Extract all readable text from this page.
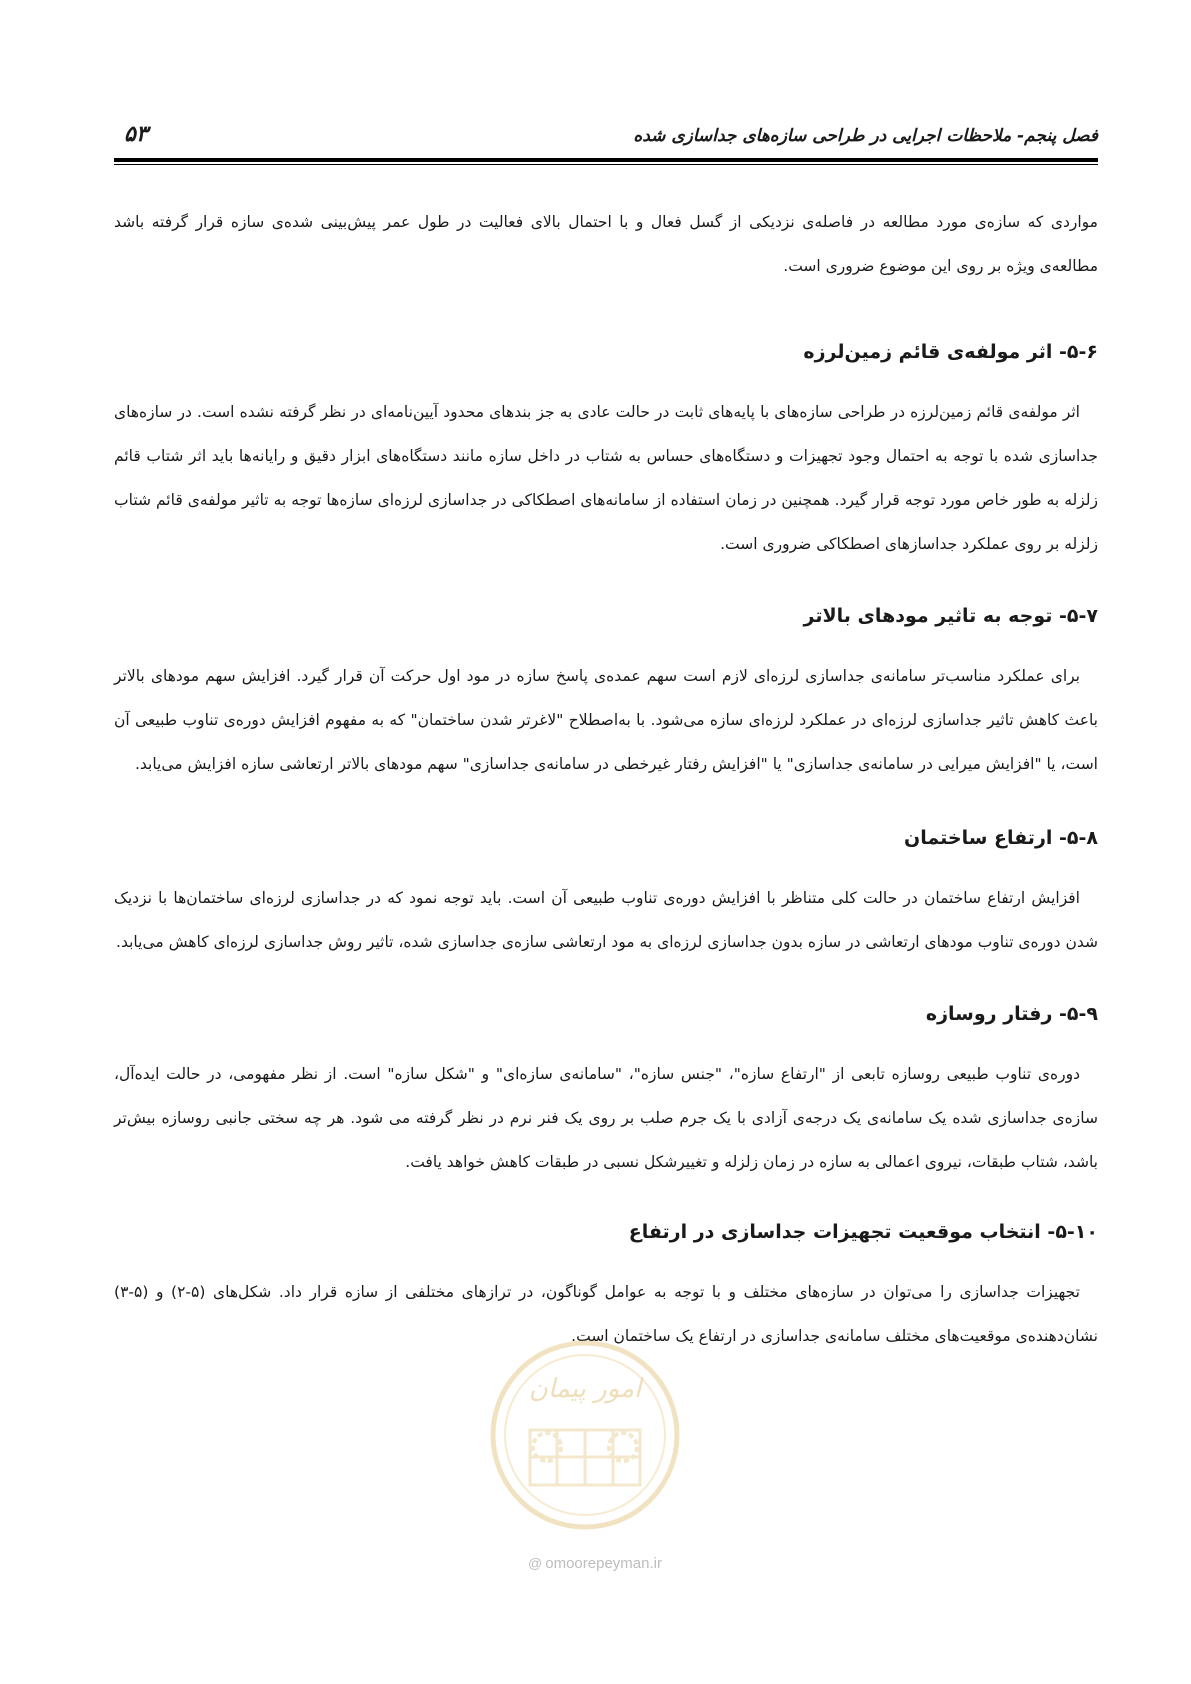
فصل پنجم- ملاحظات اجرایی در طراحی سازه‌های جداسازی شده
۵۳

مواردی که سازه‌ی مورد مطالعه در فاصله‌ی نزدیکی از گسل فعال و با احتمال بالای فعالیت در طول عمر پیش‌بینی شده‌ی سازه قرار گرفته باشد مطالعه‌ی ویژه بر روی این موضوع ضروری است.

۵-۶- اثر مولفه‌ی قائم زمین‌لرزه

اثر مولفه‌ی قائم زمین‌لرزه در طراحی سازه‌های با پایه‌های ثابت در حالت عادی به جز بندهای محدود آیین‌نامه‌ای در نظر گرفته نشده است. در سازه‌های جداسازی شده با توجه به احتمال وجود تجهیزات و دستگاه‌های حساس به شتاب در داخل سازه مانند دستگاه‌های ابزار دقیق و رایانه‌ها باید اثر شتاب قائم زلزله به طور خاص مورد توجه قرار گیرد. همچنین در زمان استفاده از سامانه‌های اصطکاکی در جداسازی لرزه‌ای سازه‌ها توجه به تاثیر مولفه‌ی قائم شتاب زلزله بر روی عملکرد جداسازهای اصطکاکی ضروری است.

۵-۷- توجه به تاثیر مودهای بالاتر

برای عملکرد مناسب‌تر سامانه‌ی جداسازی لرزه‌ای لازم است سهم عمده‌ی پاسخ سازه در مود اول حرکت آن قرار گیرد. افزایش سهم مودهای بالاتر باعث کاهش تاثیر جداسازی لرزه‌ای در عملکرد لرزه‌ای سازه می‌شود. با به‌اصطلاح "لاغرتر شدن ساختمان" که به مفهوم افزایش دوره‌ی تناوب طبیعی آن است، یا "افزایش میرایی در سامانه‌ی جداسازی" یا "افزایش رفتار غیرخطی در سامانه‌ی جداسازی" سهم مودهای بالاتر ارتعاشی سازه افزایش می‌یابد.

۵-۸- ارتفاع ساختمان

افزایش ارتفاع ساختمان در حالت کلی متناظر با افزایش دوره‌ی تناوب طبیعی آن است. باید توجه نمود که در جداسازی لرزه‌ای ساختمان‌ها با نزدیک شدن دوره‌ی تناوب مودهای ارتعاشی در سازه بدون جداسازی لرزه‌ای به مود ارتعاشی سازه‌ی جداسازی شده، تاثیر روش جداسازی لرزه‌ای کاهش می‌یابد.

۵-۹- رفتار روسازه

دوره‌ی تناوب طبیعی روسازه تابعی از "ارتفاع سازه"، "جنس سازه"، "سامانه‌ی سازه‌ای" و "شکل سازه" است. از نظر مفهومی، در حالت ایده‌آل، سازه‌ی جداسازی شده یک سامانه‌ی یک درجه‌ی آزادی با یک جرم صلب بر روی یک فنر نرم در نظر گرفته می شود. هر چه سختی جانبی روسازه بیش‌تر باشد، شتاب طبقات، نیروی اعمالی به سازه در زمان زلزله و تغییرشکل نسبی در طبقات کاهش خواهد یافت.

۵-۱۰- انتخاب موقعیت تجهیزات جداسازی در ارتفاع

تجهیزات جداسازی را می‌توان در سازه‌های مختلف و با توجه به عوامل گوناگون، در ترازهای مختلفی از سازه قرار داد. شکل‌های (۵-۲) و (۵-۳) نشان‌دهنده‌ی موقعیت‌های مختلف سامانه‌ی جداسازی در ارتفاع یک ساختمان است.

امور پیمان
@ omoorepeyman.ir
